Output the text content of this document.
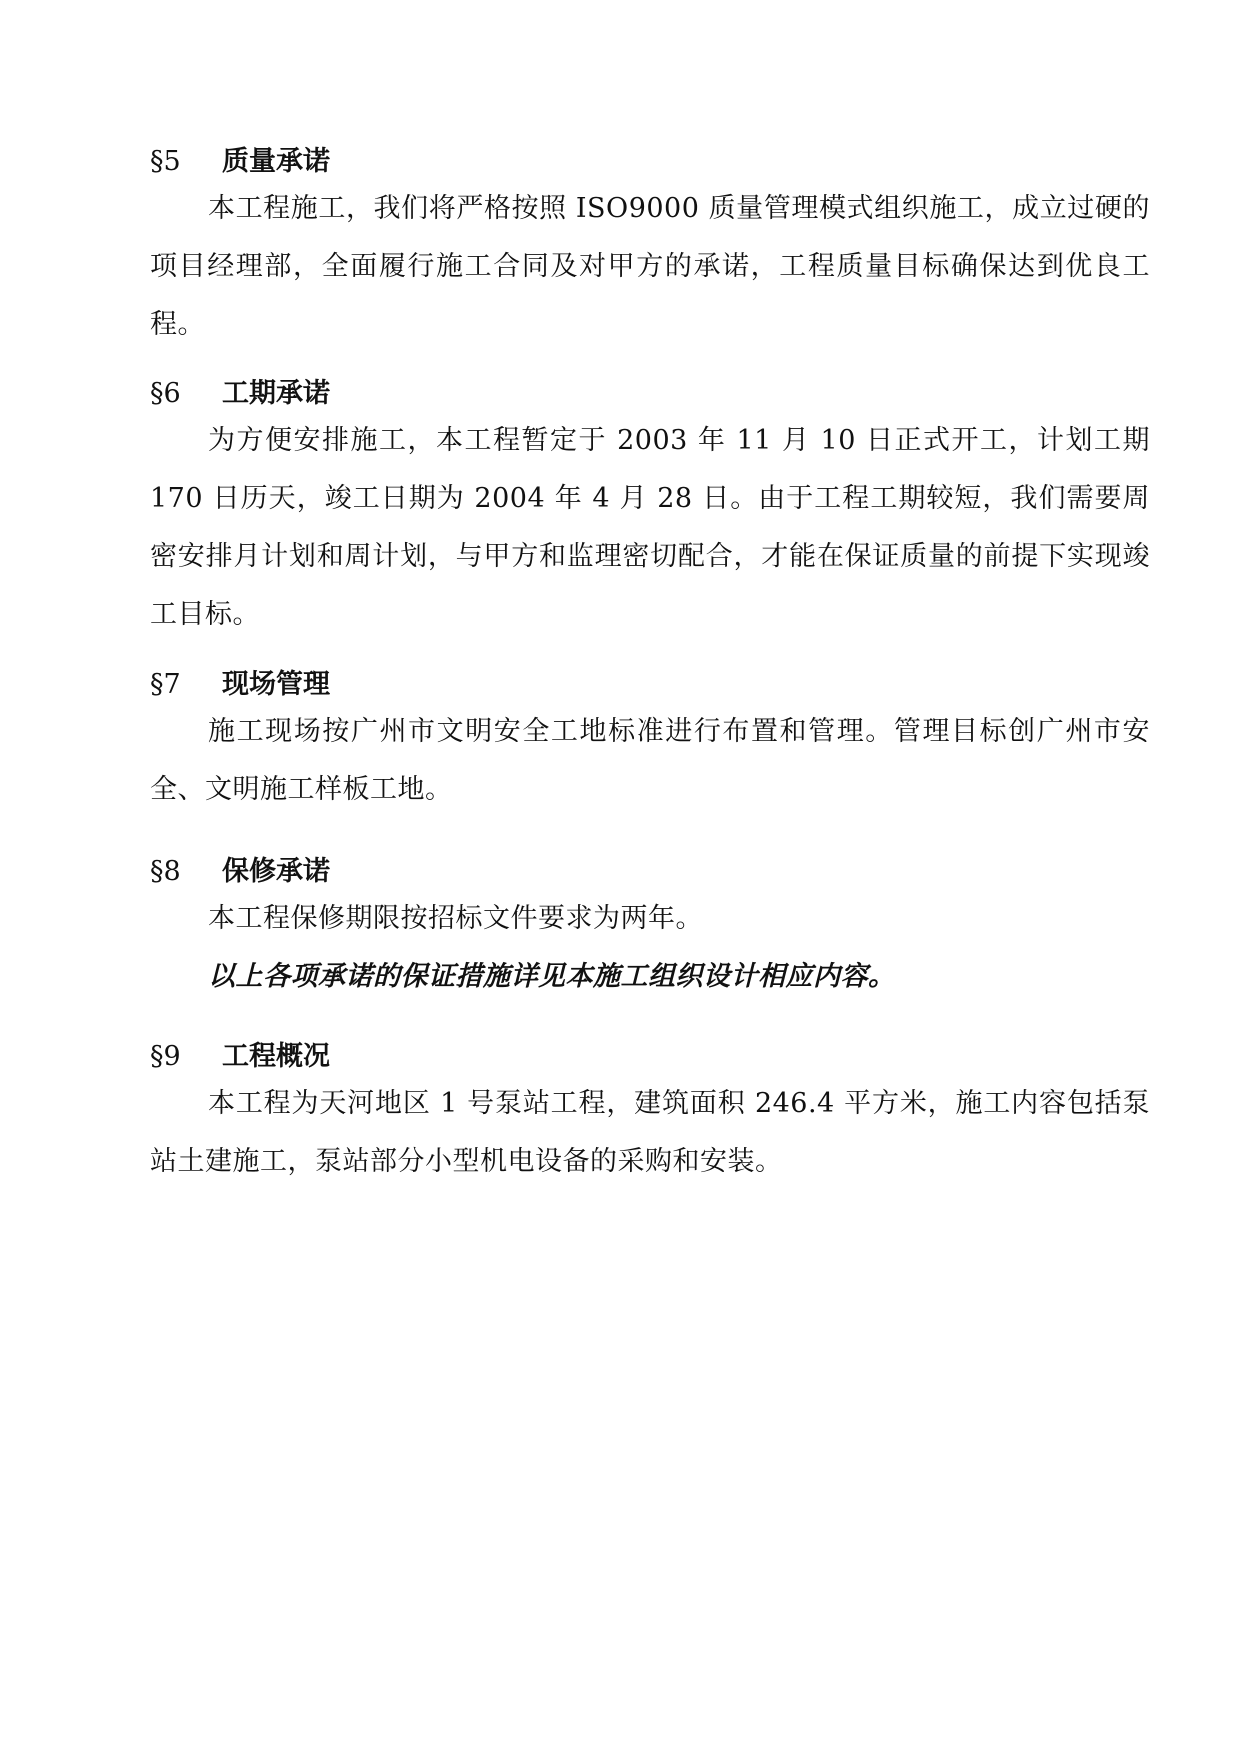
§5 质量承诺

本工程施工，我们将严格按照 ISO9000 质量管理模式组织施工，成立过硬的项目经理部，全面履行施工合同及对甲方的承诺，工程质量目标确保达到优良工程。

§6 工期承诺

为方便安排施工，本工程暂定于 2003 年 11 月 10 日正式开工，计划工期 170 日历天，竣工日期为 2004 年 4 月 28 日。由于工程工期较短，我们需要周密安排月计划和周计划，与甲方和监理密切配合，才能在保证质量的前提下实现竣工目标。

§7 现场管理

施工现场按广州市文明安全工地标准进行布置和管理。管理目标创广州市安全、文明施工样板工地。

§8 保修承诺

本工程保修期限按招标文件要求为两年。

以上各项承诺的保证措施详见本施工组织设计相应内容。

§9 工程概况

本工程为天河地区 1 号泵站工程，建筑面积 246.4 平方米，施工内容包括泵站土建施工，泵站部分小型机电设备的采购和安装。
